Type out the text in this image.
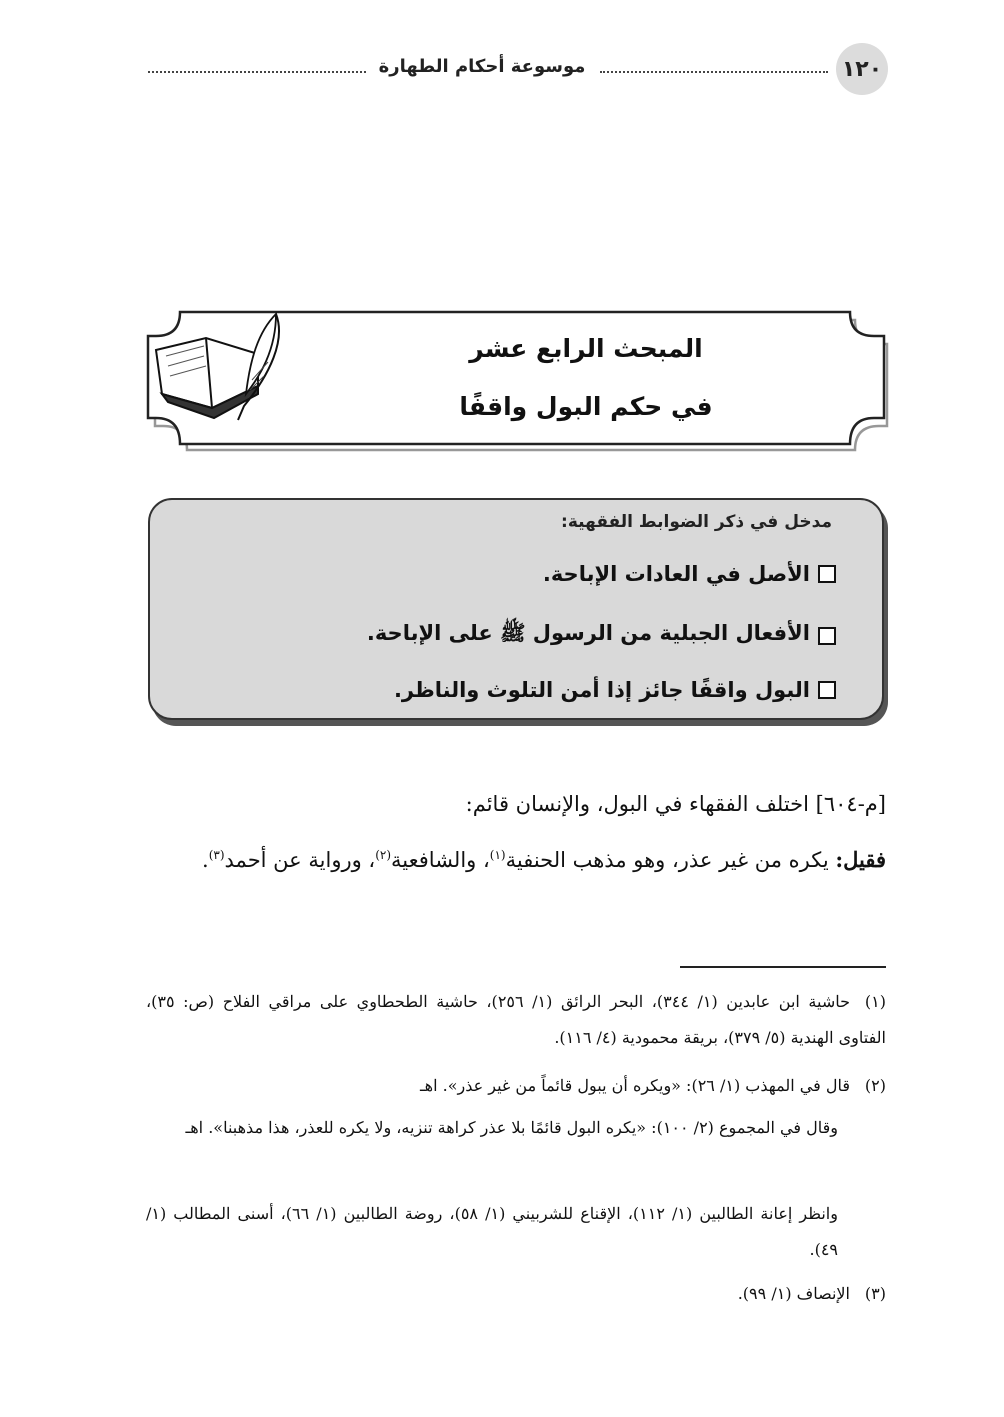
١٢٠
موسوعة أحكام الطهارة
المبحث الرابع عشر
في حكم البول واقفًا
مدخل في ذكر الضوابط الفقهية:
الأصل في العادات الإباحة.
الأفعال الجبلية من الرسول ﷺ على الإباحة.
البول واقفًا جائز إذا أمن التلوث والناظر.
[م-٦٠٤] اختلف الفقهاء في البول، والإنسان قائم:
فقيل: يكره من غير عذر، وهو مذهب الحنفية$^{(١)}$، والشافعية$^{(٢)}$، ورواية عن أحمد$^{(٣)}$.
(١)حاشية ابن عابدين (١/ ٣٤٤)، البحر الرائق (١/ ٢٥٦)، حاشية الطحطاوي على مراقي الفلاح (ص: ٣٥)، الفتاوى الهندية (٥/ ٣٧٩)، بريقة محمودية (٤/ ١١٦).
(٢)قال في المهذب (١/ ٢٦): «ويكره أن يبول قائماً من غير عذر». اهـ
وقال في المجموع (٢/ ١٠٠): «يكره البول قائمًا بلا عذر كراهة تنزيه، ولا يكره للعذر، هذا مذهبنا». اهـ
وانظر إعانة الطالبين (١/ ١١٢)، الإقناع للشربيني (١/ ٥٨)، روضة الطالبين (١/ ٦٦)، أسنى المطالب (١/ ٤٩).
(٣)الإنصاف (١/ ٩٩).
